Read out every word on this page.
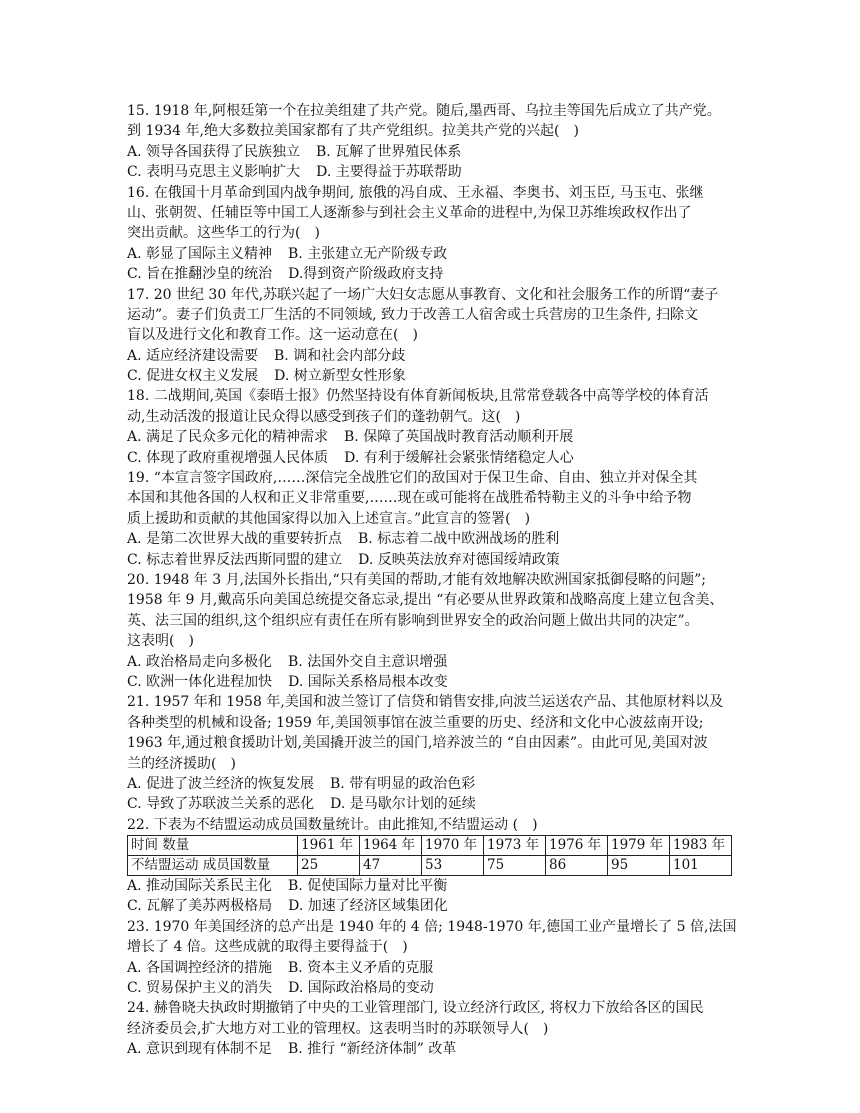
15. 1918 年,阿根廷第一个在拉美组建了共产党。随后,墨西哥、乌拉圭等国先后成立了共产党。
到 1934 年,绝大多数拉美国家都有了共产党组织。拉美共产党的兴起(　)
A. 领导各国获得了民族独立 B. 瓦解了世界殖民体系
C. 表明马克思主义影响扩大 D. 主要得益于苏联帮助
16. 在俄国十月革命到国内战争期间, 旅俄的冯自成、王永福、李奥书、刘玉臣, 马玉屯、张继
山、张朝贺、任辅臣等中国工人逐渐参与到社会主义革命的进程中,为保卫苏维埃政权作出了
突出贡献。这些华工的行为(　)
A. 彰显了国际主义精神 B. 主张建立无产阶级专政
C. 旨在推翻沙皇的统治 D.得到资产阶级政府支持
17. 20 世纪 30 年代,苏联兴起了一场广大妇女志愿从事教育、文化和社会服务工作的所谓“妻子
运动”。妻子们负责工厂生活的不同领域, 致力于改善工人宿舍或士兵营房的卫生条件, 扫除文
盲以及进行文化和教育工作。这一运动意在(　)
A. 适应经济建设需要 B. 调和社会内部分歧
C. 促进女权主义发展 D. 树立新型女性形象
18. 二战期间,英国《泰晤士报》仍然坚持设有体育新闻板块,且常常登载各中高等学校的体育活
动,生动活泼的报道让民众得以感受到孩子们的蓬勃朝气。这(　)
A. 满足了民众多元化的精神需求 B. 保障了英国战时教育活动顺利开展
C. 体现了政府重视增强人民体质 D. 有利于缓解社会紧张情绪稳定人心
19. “本宣言签字国政府,……深信完全战胜它们的敌国对于保卫生命、自由、独立并对保全其
本国和其他各国的人权和正义非常重要,……现在或可能将在战胜希特勒主义的斗争中给予物
质上援助和贡献的其他国家得以加入上述宣言。”此宣言的签署(　)
A. 是第二次世界大战的重要转折点 B. 标志着二战中欧洲战场的胜利
C. 标志着世界反法西斯同盟的建立 D. 反映英法放弃对德国绥靖政策
20. 1948 年 3 月,法国外长指出,“只有美国的帮助,才能有效地解决欧洲国家抵御侵略的问题”;
1958 年 9 月,戴高乐向美国总统提交备忘录,提出 “有必要从世界政策和战略高度上建立包含美、
英、法三国的组织,这个组织应有责任在所有影响到世界安全的政治问题上做出共同的决定”。
这表明(　)
A. 政治格局走向多极化 B. 法国外交自主意识增强
C. 欧洲一体化进程加快 D. 国际关系格局根本改变
21. 1957 年和 1958 年,美国和波兰签订了信贷和销售安排,向波兰运送农产品、其他原材料以及
各种类型的机械和设备; 1959 年,美国领事馆在波兰重要的历史、经济和文化中心波兹南开设;
1963 年,通过粮食援助计划,美国撬开波兰的国门,培养波兰的 “自由因素”。由此可见,美国对波
兰的经济援助(　)
A. 促进了波兰经济的恢复发展 B. 带有明显的政治色彩
C. 导致了苏联波兰关系的恶化 D. 是马歇尔计划的延续
22. 下表为不结盟运动成员国数量统计。由此推知,不结盟运动 (　)
时间 数量	1961 年	1964 年	1970 年	1973 年	1976 年	1979 年	1983 年
不结盟运动 成员国数量	25	47	53	75	86	95	101
A. 推动国际关系民主化 B. 促使国际力量对比平衡
C. 瓦解了美苏两极格局 D. 加速了经济区域集团化
23. 1970 年美国经济的总产出是 1940 年的 4 倍; 1948-1970 年,德国工业产量增长了 5 倍,法国
增长了 4 倍。这些成就的取得主要得益于(　)
A. 各国调控经济的措施 B. 资本主义矛盾的克服
C. 贸易保护主义的消失 D. 国际政治格局的变动
24. 赫鲁晓夫执政时期撤销了中央的工业管理部门, 设立经济行政区, 将权力下放给各区的国民
经济委员会,扩大地方对工业的管理权。这表明当时的苏联领导人(　)
A. 意识到现有体制不足 B. 推行 “新经济体制” 改革
